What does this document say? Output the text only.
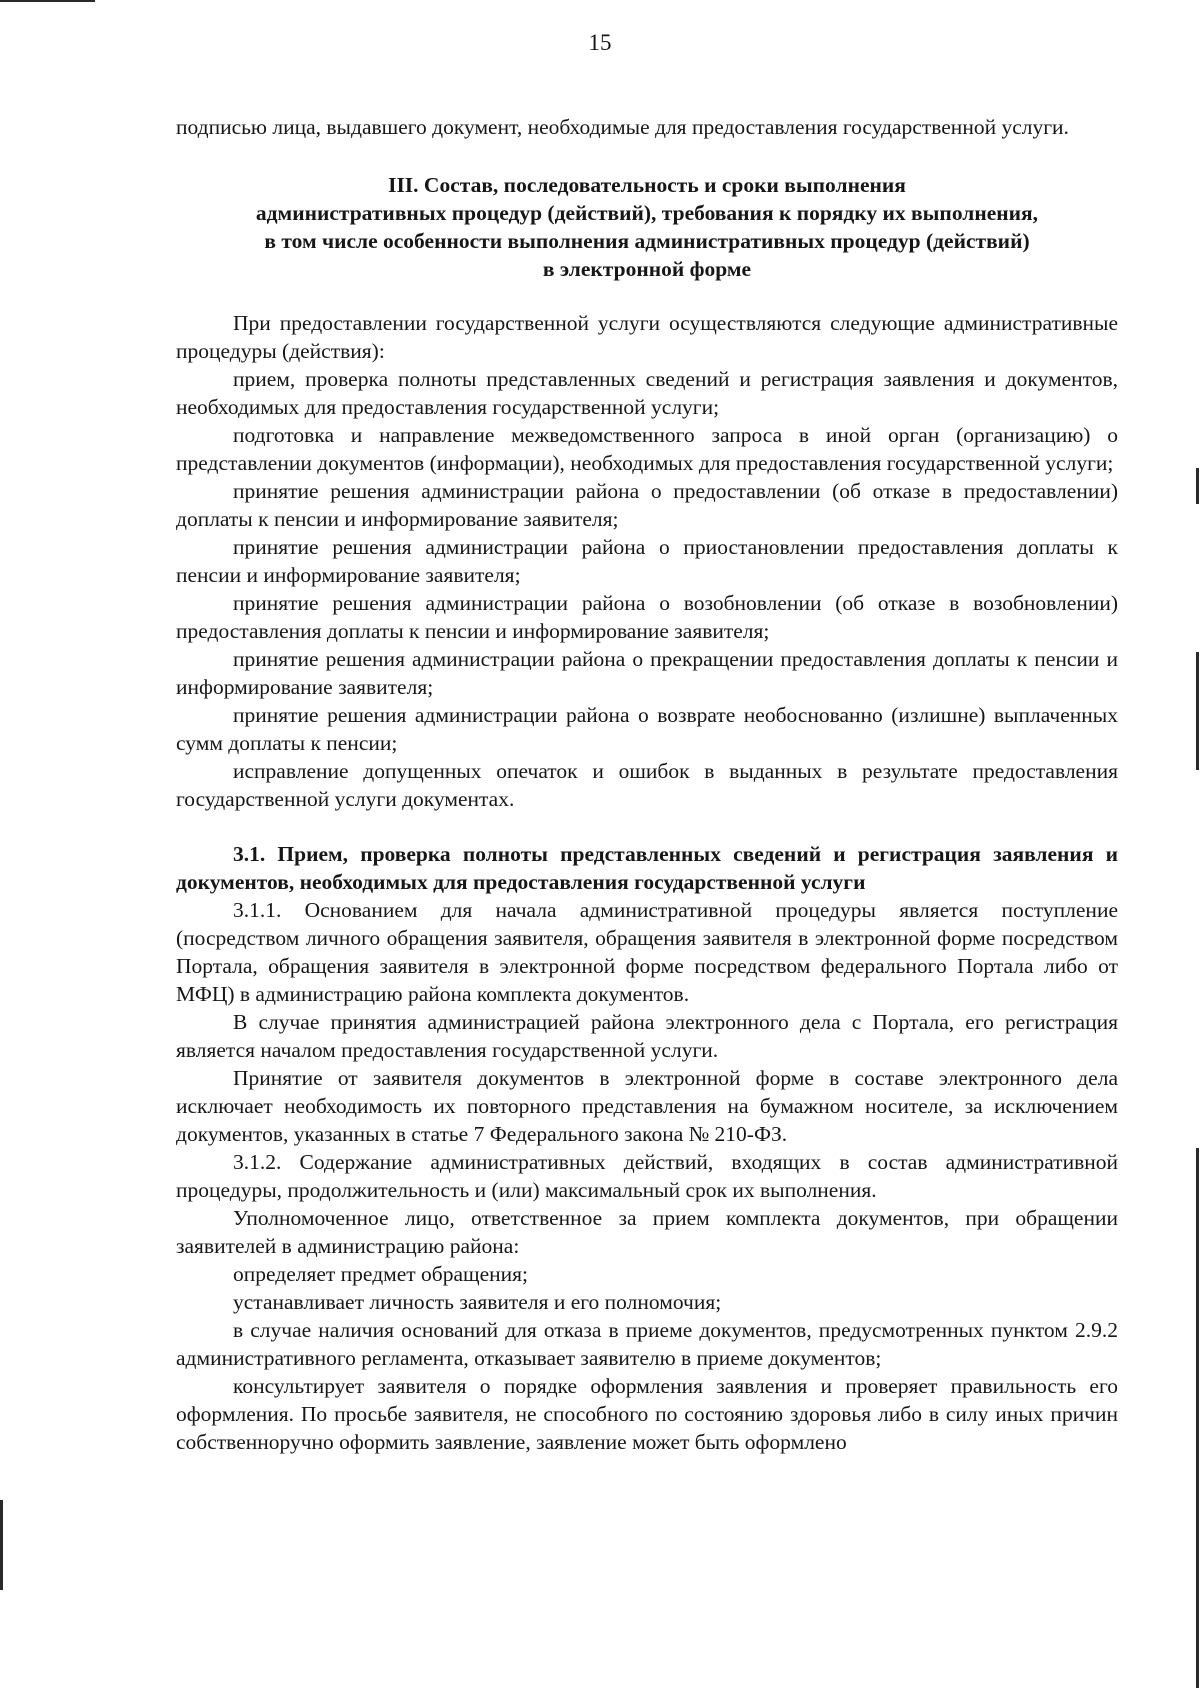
15

подписью лица, выдавшего документ, необходимые для предоставления государственной услуги.

III. Состав, последовательность и сроки выполнения

административных процедур (действий), требования к порядку их выполнения,

в том числе особенности выполнения административных процедур (действий)

в электронной форме

При предоставлении государственной услуги осуществляются следующие административные процедуры (действия):

прием, проверка полноты представленных сведений и регистрация заявления и документов, необходимых для предоставления государственной услуги;

подготовка и направление межведомственного запроса в иной орган (организацию) о представлении документов (информации), необходимых для предоставления государственной услуги;

принятие решения администрации района о предоставлении (об отказе в предоставлении) доплаты к пенсии и информирование заявителя;

принятие решения администрации района о приостановлении предоставления доплаты к пенсии и информирование заявителя;

принятие решения администрации района о возобновлении (об отказе в возобновлении) предоставления доплаты к пенсии и информирование заявителя;

принятие решения администрации района о прекращении предоставления доплаты к пенсии и информирование заявителя;

принятие решения администрации района о возврате необоснованно (излишне) выплаченных сумм доплаты к пенсии;

исправление допущенных опечаток и ошибок в выданных в результате предоставления государственной услуги документах.

3.1. Прием, проверка полноты представленных сведений и регистрация заявления и документов, необходимых для предоставления государственной услуги

3.1.1. Основанием для начала административной процедуры является поступление (посредством личного обращения заявителя, обращения заявителя в электронной форме посредством Портала, обращения заявителя в электронной форме посредством федерального Портала либо от МФЦ) в администрацию района комплекта документов.

В случае принятия администрацией района электронного дела с Портала, его регистрация является началом предоставления государственной услуги.

Принятие от заявителя документов в электронной форме в составе электронного дела исключает необходимость их повторного представления на бумажном носителе, за исключением документов, указанных в статье 7 Федерального закона № 210-ФЗ.

3.1.2. Содержание административных действий, входящих в состав административной процедуры, продолжительность и (или) максимальный срок их выполнения.

Уполномоченное лицо, ответственное за прием комплекта документов, при обращении заявителей в администрацию района:

определяет предмет обращения;

устанавливает личность заявителя и его полномочия;

в случае наличия оснований для отказа в приеме документов, предусмотренных пунктом 2.9.2 административного регламента, отказывает заявителю в приеме документов;

консультирует заявителя о порядке оформления заявления и проверяет правильность его оформления. По просьбе заявителя, не способного по состоянию здоровья либо в силу иных причин собственноручно оформить заявление, заявление может быть оформлено
